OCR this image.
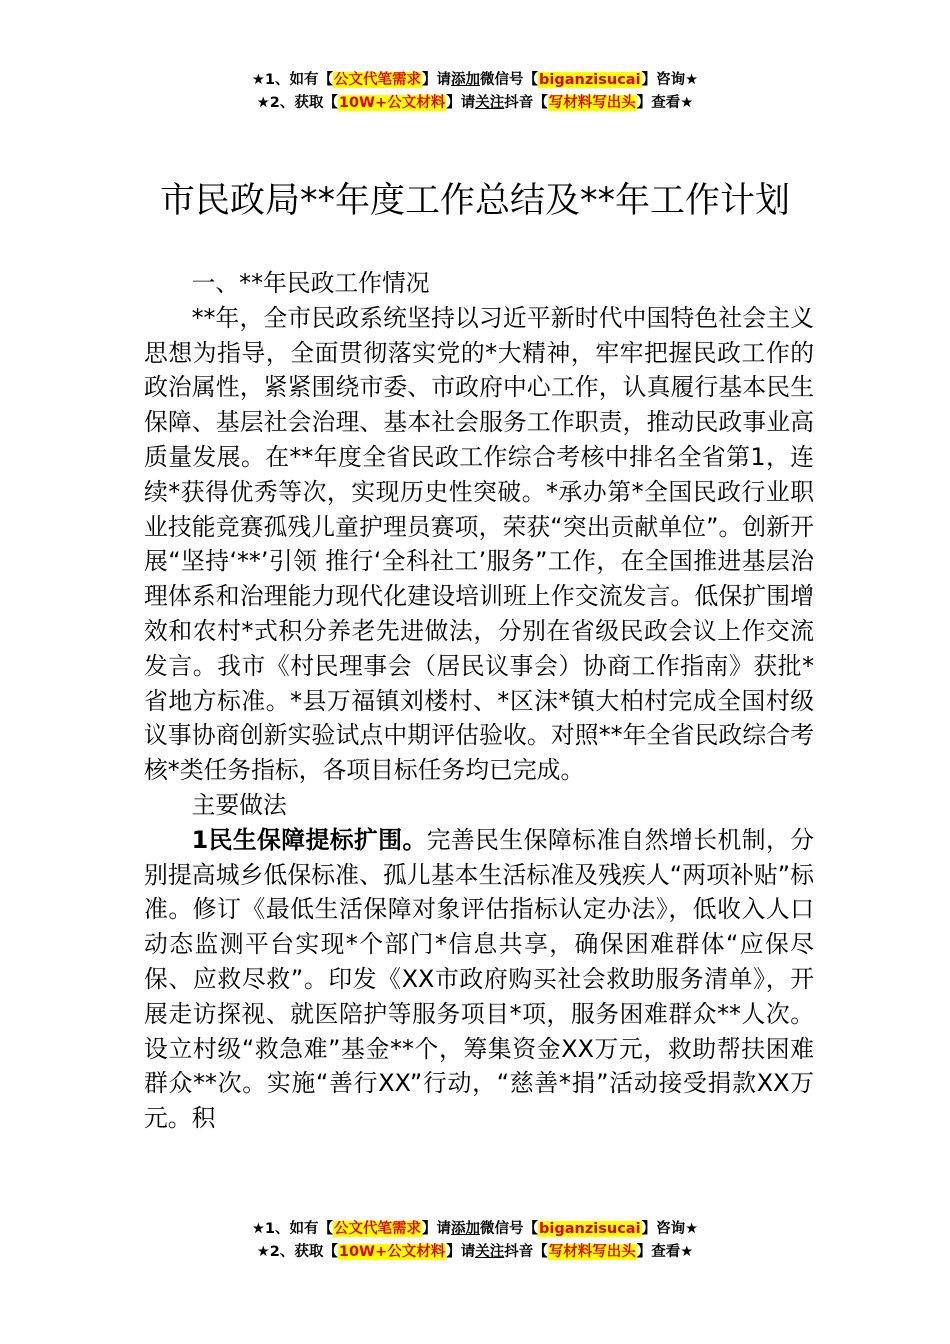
★1、如有【公文代笔需求】请添加微信号【biganzisucai】咨询★
★2、获取【10W+公文材料】请关注抖音【写材料写出头】查看★
市民政局**年度工作总结及**年工作计划

一、**年民政工作情况

**年，全市民政系统坚持以习近平新时代中国特色社会主义思想为指导，全面贯彻落实党的*大精神，牢牢把握民政工作的政治属性，紧紧围绕市委、市政府中心工作，认真履行基本民生保障、基层社会治理、基本社会服务工作职责，推动民政事业高质量发展。在**年度全省民政工作综合考核中排名全省第1，连续*获得优秀等次，实现历史性突破。*承办第*全国民政行业职业技能竞赛孤残儿童护理员赛项，荣获“突出贡献单位”。创新开展“坚持‘**’引领 推行‘全科社工’服务”工作，在全国推进基层治理体系和治理能力现代化建设培训班上作交流发言。低保扩围增效和农村*式积分养老先进做法，分别在省级民政会议上作交流发言。我市《村民理事会（居民议事会）协商工作指南》获批*省地方标准。*县万福镇刘楼村、*区沫*镇大柏村完成全国村级议事协商创新实验试点中期评估验收。对照**年全省民政综合考核*类任务指标，各项目标任务均已完成。

主要做法

1民生保障提标扩围。完善民生保障标准自然增长机制，分别提高城乡低保标准、孤儿基本生活标准及残疾人“两项补贴”标准。修订《最低生活保障对象评估指标认定办法》，低收入人口动态监测平台实现*个部门*信息共享，确保困难群体“应保尽保、应救尽救”。印发《XX市政府购买社会救助服务清单》，开展走访探视、就医陪护等服务项目*项，服务困难群众**人次。设立村级“救急难”基金**个，筹集资金XX万元，救助帮扶困难群众**次。实施“善行XX”行动，“慈善*捐”活动接受捐款XX万元。积

★1、如有【公文代笔需求】请添加微信号【biganzisucai】咨询★
★2、获取【10W+公文材料】请关注抖音【写材料写出头】查看★
